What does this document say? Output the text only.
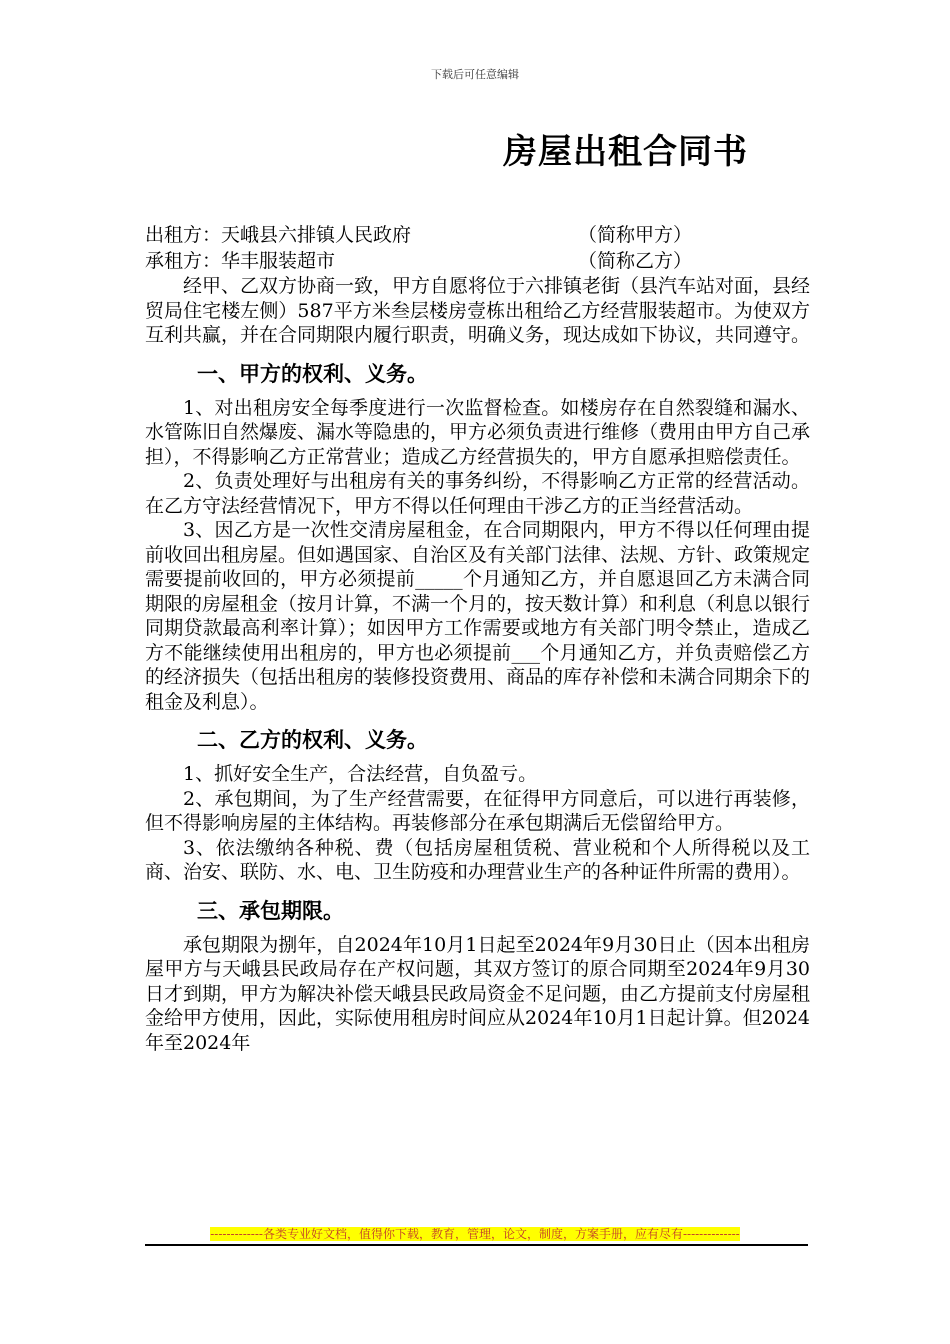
下载后可任意编辑
房屋出租合同书
出租方：天峨县六排镇人民政府	（简称甲方）
承租方：华丰服装超市	（简称乙方）

经甲、乙双方协商一致，甲方自愿将位于六排镇老街（县汽车站对面，县经贸局住宅楼左侧）587平方米叁层楼房壹栋出租给乙方经营服装超市。为使双方互利共赢，并在合同期限内履行职责，明确义务，现达成如下协议，共同遵守。

一、甲方的权利、义务。

1、对出租房安全每季度进行一次监督检查。如楼房存在自然裂缝和漏水、水管陈旧自然爆废、漏水等隐患的，甲方必须负责进行维修（费用由甲方自己承担），不得影响乙方正常营业；造成乙方经营损失的，甲方自愿承担赔偿责任。

2、负责处理好与出租房有关的事务纠纷，不得影响乙方正常的经营活动。在乙方守法经营情况下，甲方不得以任何理由干涉乙方的正当经营活动。

3、因乙方是一次性交清房屋租金，在合同期限内，甲方不得以任何理由提前收回出租房屋。但如遇国家、自治区及有关部门法律、法规、方针、政策规定需要提前收回的，甲方必须提前_____个月通知乙方，并自愿退回乙方未满合同期限的房屋租金（按月计算，不满一个月的，按天数计算）和利息（利息以银行同期贷款最高利率计算）；如因甲方工作需要或地方有关部门明令禁止，造成乙方不能继续使用出租房的，甲方也必须提前___个月通知乙方，并负责赔偿乙方的经济损失（包括出租房的装修投资费用、商品的库存补偿和未满合同期余下的租金及利息）。

二、乙方的权利、义务。

1、抓好安全生产，合法经营，自负盈亏。

2、承包期间，为了生产经营需要，在征得甲方同意后，可以进行再装修，但不得影响房屋的主体结构。再装修部分在承包期满后无偿留给甲方。

3、依法缴纳各种税、费（包括房屋租赁税、营业税和个人所得税以及工商、治安、联防、水、电、卫生防疫和办理营业生产的各种证件所需的费用）。

三、承包期限。

承包期限为捌年，自2024年10月1日起至2024年9月30日止（因本出租房屋甲方与天峨县民政局存在产权问题，其双方签订的原合同期至2024年9月30日才到期，甲方为解决补偿天峨县民政局资金不足问题，由乙方提前支付房屋租金给甲方使用，因此，实际使用租房时间应从2024年10月1日起计算。但2024年至2024年

-------------各类专业好文档，值得你下载，教育，管理，论文，制度，方案手册，应有尽有--------------
